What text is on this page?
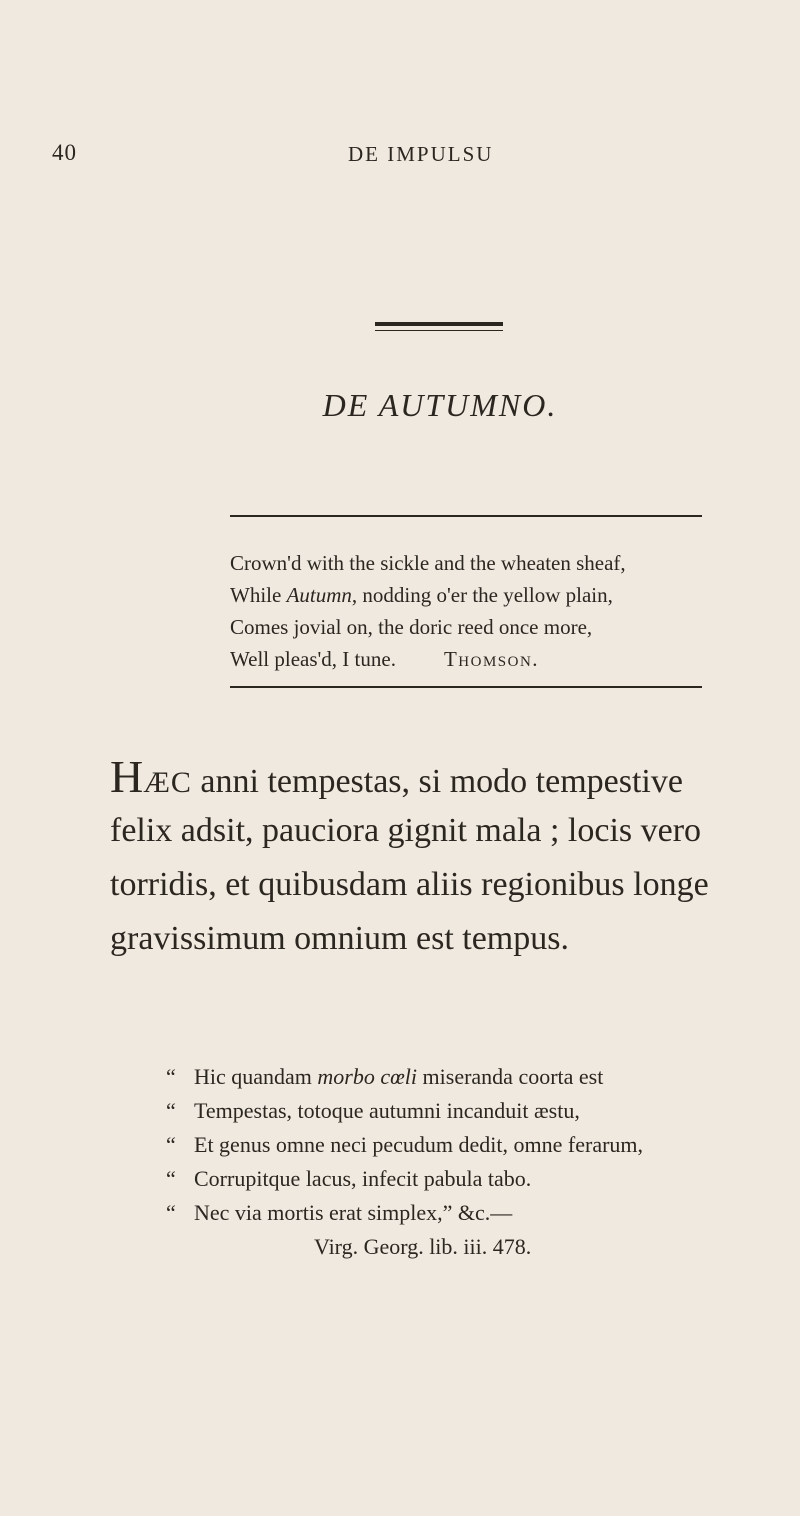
40	DE IMPULSU
DE AUTUMNO.
Crown'd with the sickle and the wheaten sheaf,
While Autumn, nodding o'er the yellow plain,
Comes jovial on, the doric reed once more,
Well pleas'd, I tune. Thomson.
HÆC anni tempestas, si modo tempestive
felix adsit, pauciora gignit mala ; locis vero
torridis, et quibusdam aliis regionibus longe
gravissimum omnium est tempus.
“ Hic quandam morbo cœli miseranda coorta est
“ Tempestas, totoque autumni incanduit æstu,
“ Et genus omne neci pecudum dedit, omne ferarum,
“ Corrupitque lacus, infecit pabula tabo.
“ Nec via mortis erat simplex,” &c.—
Virg. Georg. lib. iii. 478.
